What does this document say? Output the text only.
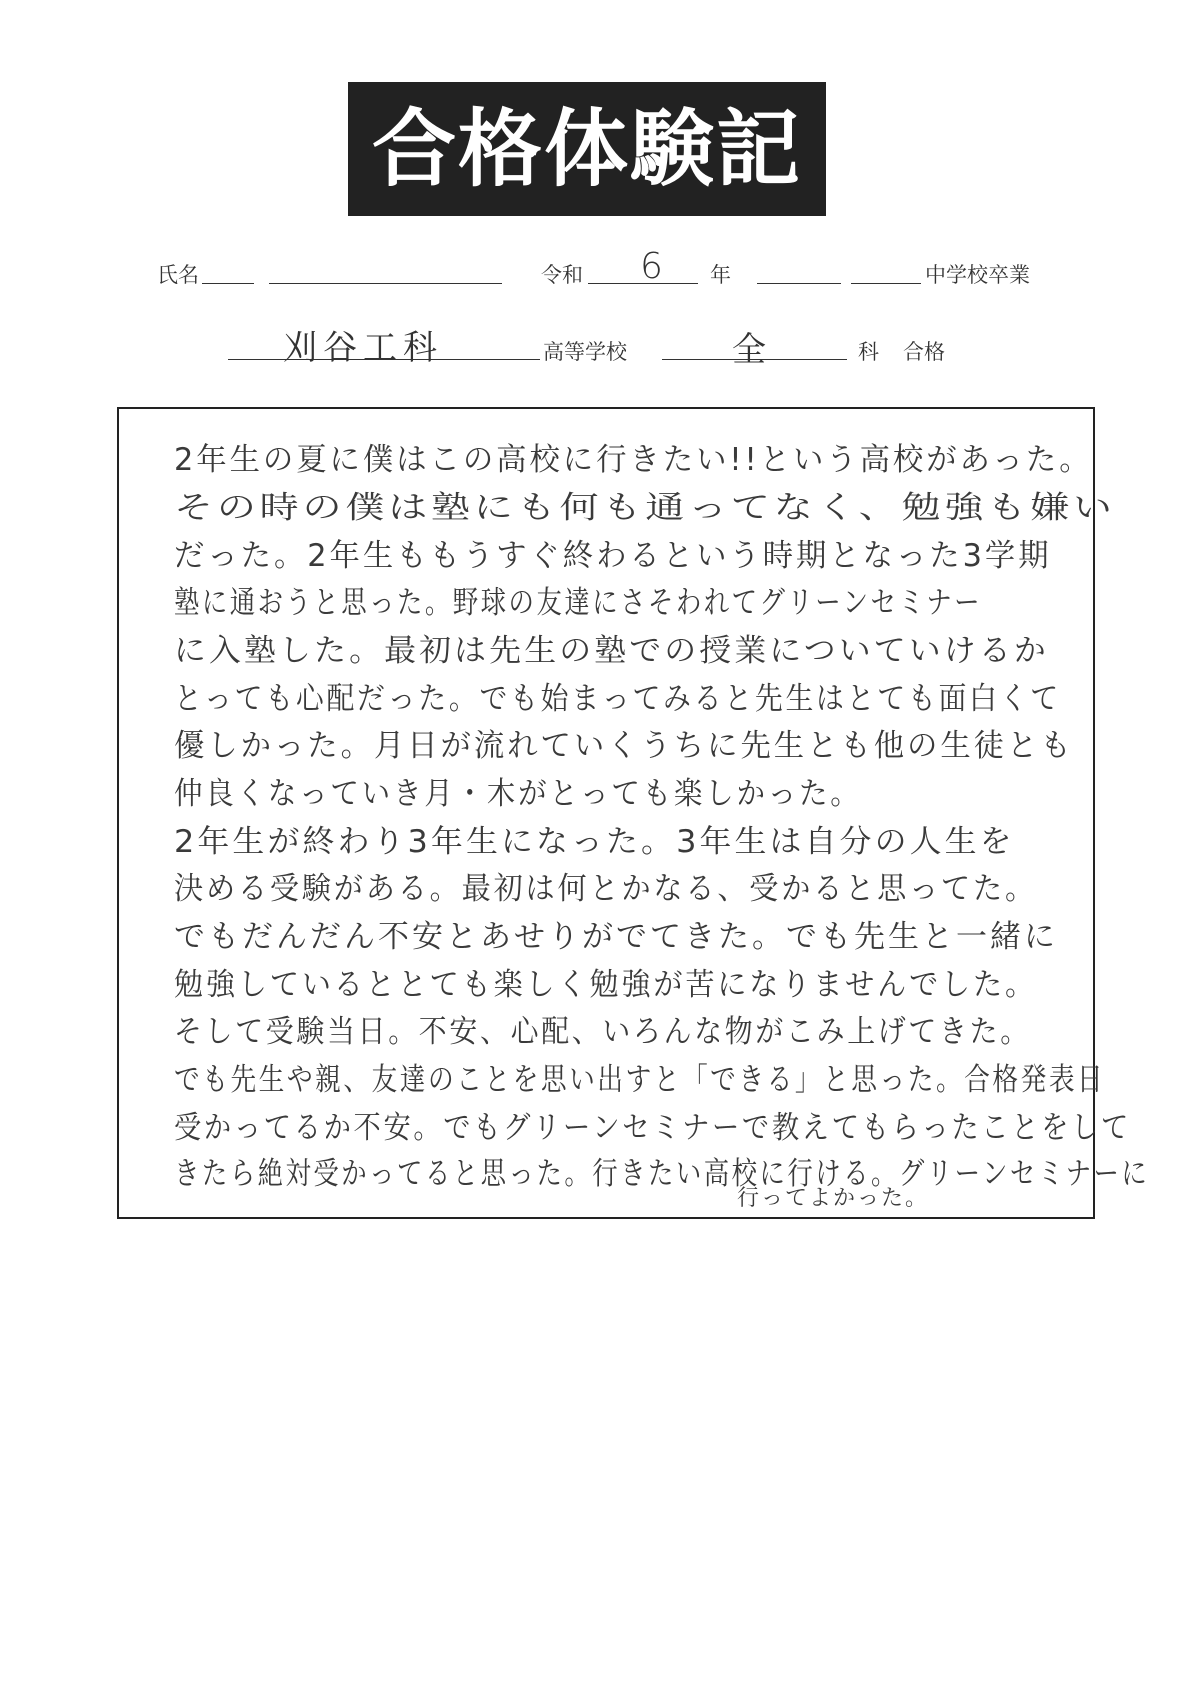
合格体験記
氏名	令和 6 年	中学校卒業
刈谷工科	高等学校	全	科 合格
2年生の夏に僕はこの高校に行きたい!!という高校があった。
その時の僕は塾にも何も通ってなく、勉強も嫌い
だった。2年生ももうすぐ終わるという時期となった3学期
塾に通おうと思った。野球の友達にさそわれてグリーンセミナー
に入塾した。最初は先生の塾での授業についていけるか
とっても心配だった。でも始まってみると先生はとても面白くて
優しかった。月日が流れていくうちに先生とも他の生徒とも
仲良くなっていき月・木がとっても楽しかった。
2年生が終わり3年生になった。3年生は自分の人生を
決める受験がある。最初は何とかなる、受かると思ってた。
でもだんだん不安とあせりがでてきた。でも先生と一緒に
勉強しているととても楽しく勉強が苦になりませんでした。
そして受験当日。不安、心配、いろんな物がこみ上げてきた。
でも先生や親、友達のことを思い出すと「できる」と思った。合格発表日
受かってるか不安。でもグリーンセミナーで教えてもらったことをして
きたら絶対受かってると思った。行きたい高校に行ける。グリーンセミナーに
行ってよかった。
